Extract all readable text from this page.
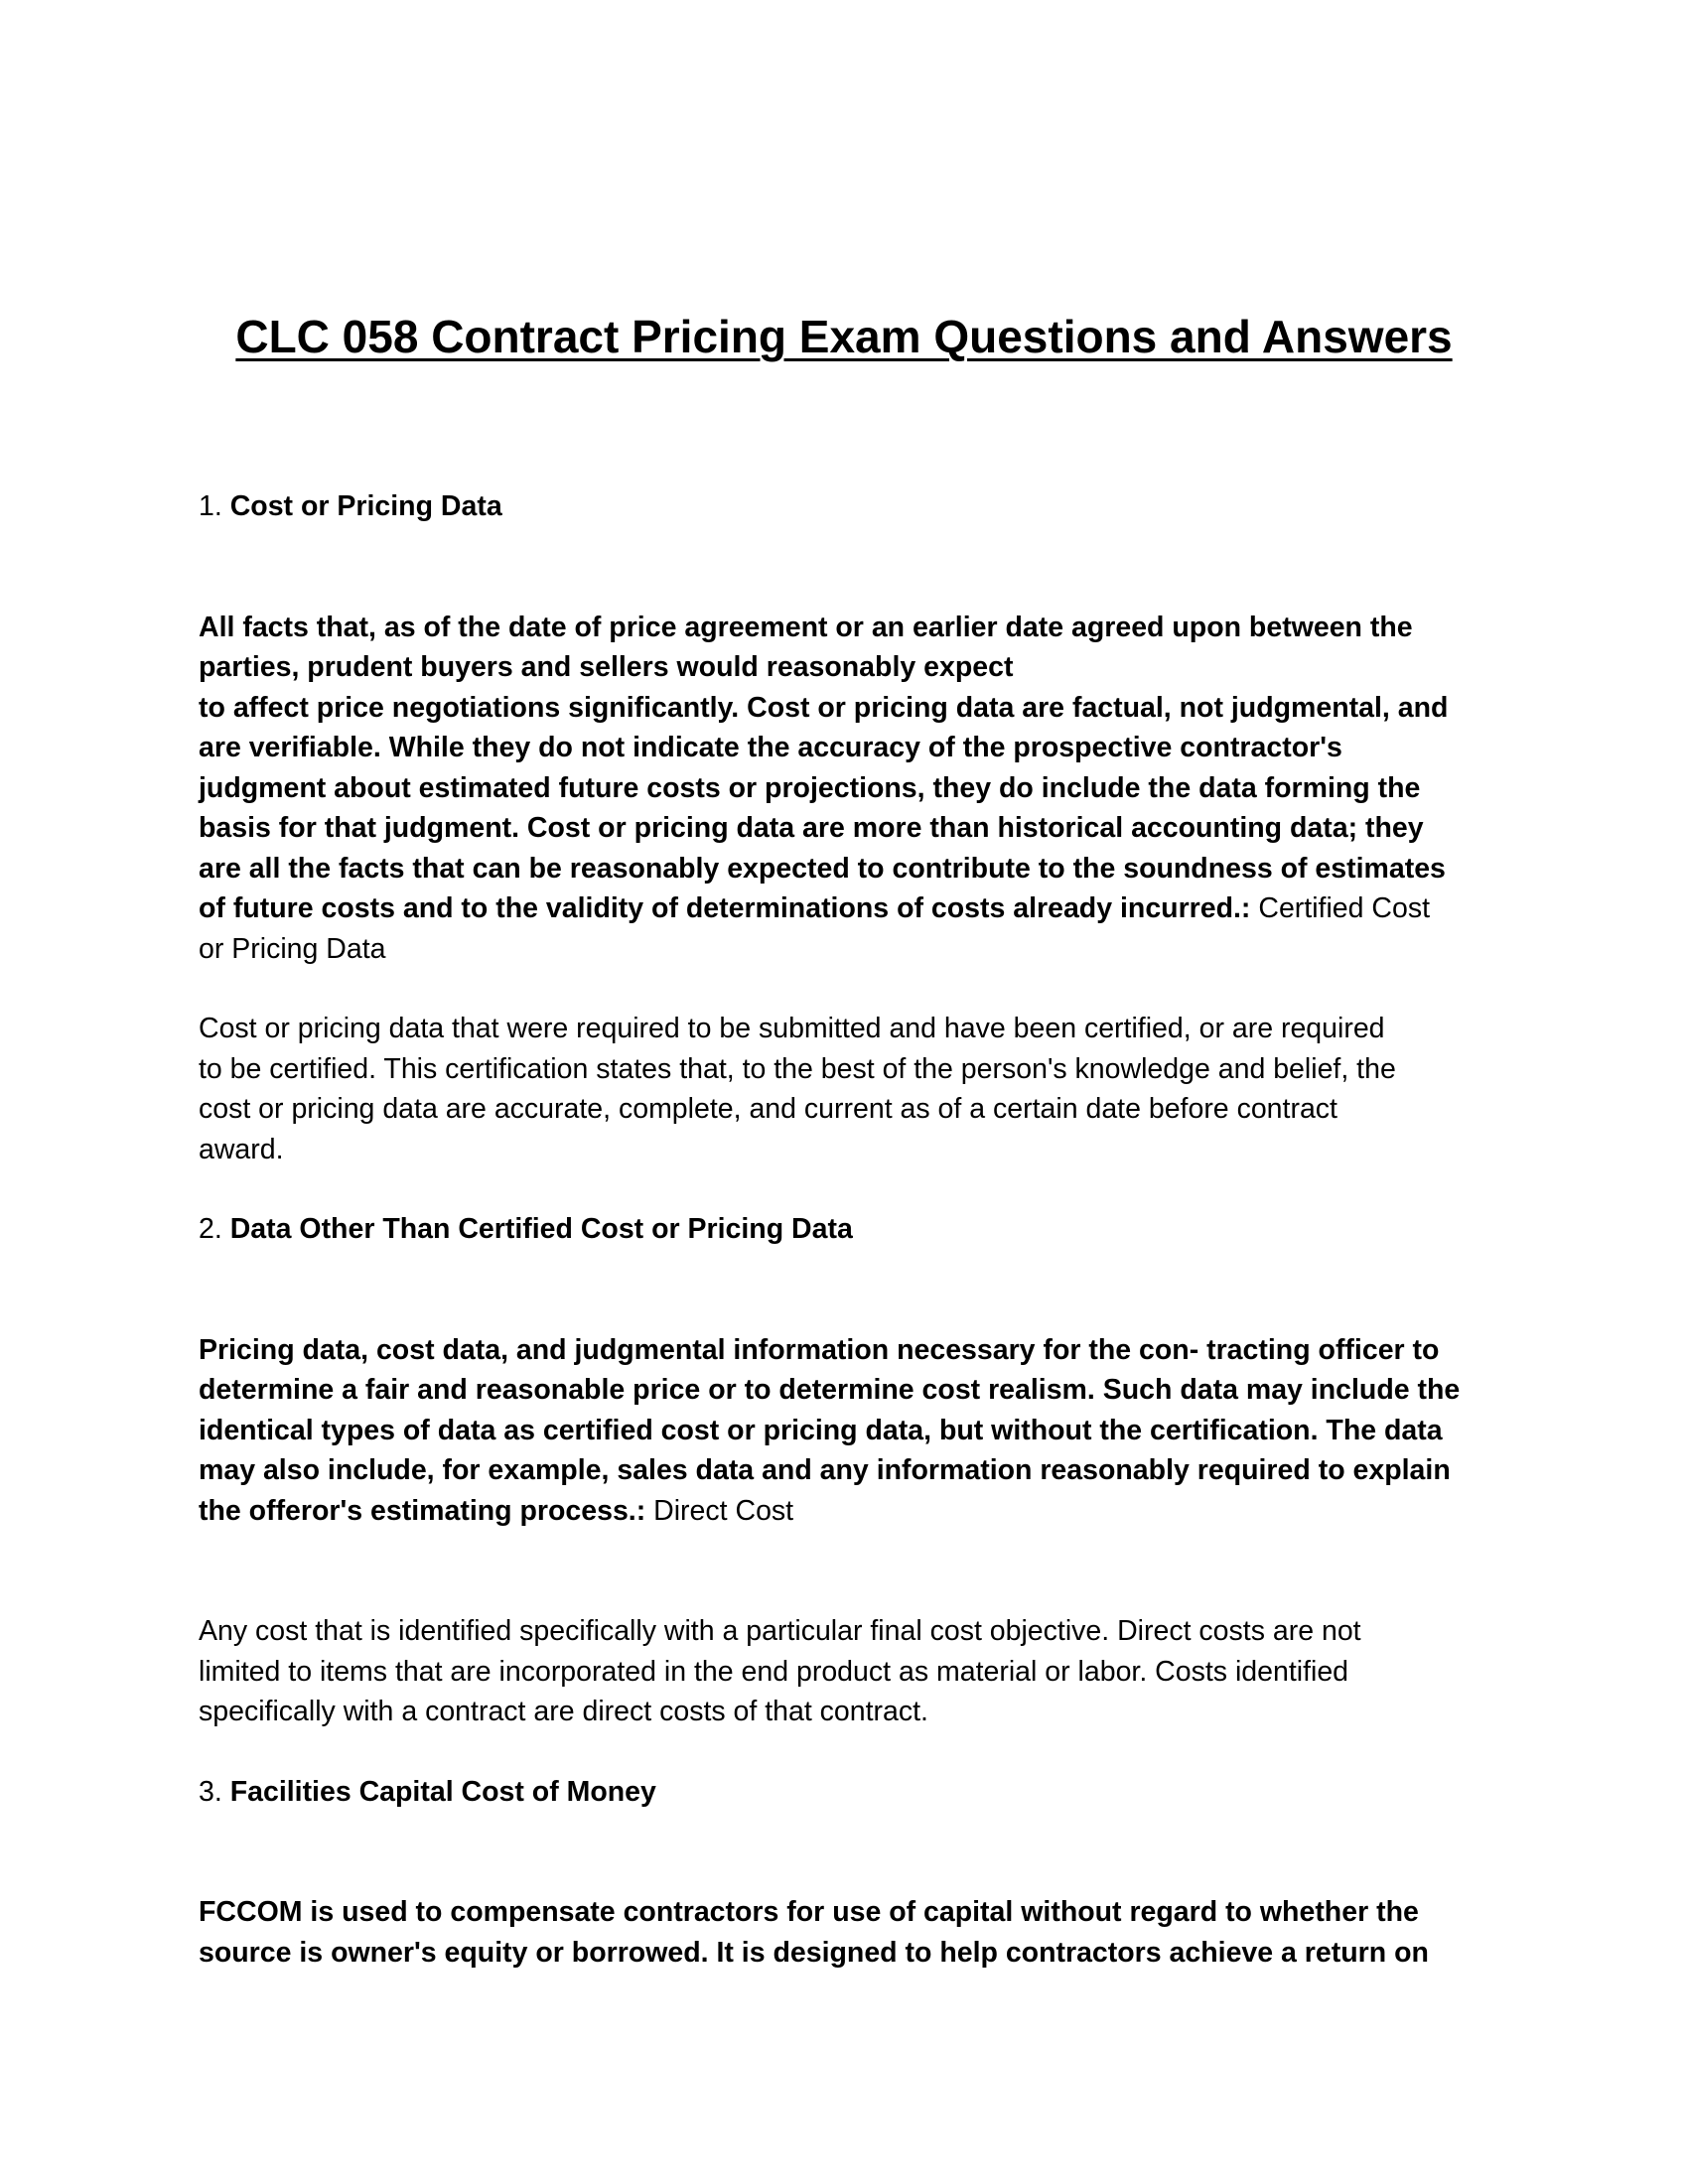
CLC 058 Contract Pricing Exam Questions and Answers

1. Cost or Pricing Data

All facts that, as of the date of price agreement or an earlier date agreed upon between the
parties, prudent buyers and sellers would reasonably expect
to affect price negotiations significantly. Cost or pricing data are factual, not judgmental, and
are verifiable. While they do not indicate the accuracy of the prospective contractor's
judgment about estimated future costs or projections, they do include the data forming the
basis for that judgment. Cost or pricing data are more than historical accounting data; they
are all the facts that can be reasonably expected to contribute to the soundness of estimates
of future costs and to the validity of determinations of costs already incurred.: Certified Cost
or Pricing Data

Cost or pricing data that were required to be submitted and have been certified, or are required
to be certified. This certification states that, to the best of the person's knowledge and belief, the
cost or pricing data are accurate, complete, and current as of a certain date before contract
award.

2. Data Other Than Certified Cost or Pricing Data

Pricing data, cost data, and judgmental information necessary for the con- tracting officer to
determine a fair and reasonable price or to determine cost realism. Such data may include the
identical types of data as certified cost or pricing data, but without the certification. The data
may also include, for example, sales data and any information reasonably required to explain
the offeror's estimating process.: Direct Cost

Any cost that is identified specifically with a particular final cost objective. Direct costs are not
limited to items that are incorporated in the end product as material or labor. Costs identified
specifically with a contract are direct costs of that contract.

3. Facilities Capital Cost of Money

FCCOM is used to compensate contractors for use of capital without regard to whether the
source is owner's equity or borrowed. It is designed to help contractors achieve a return on
